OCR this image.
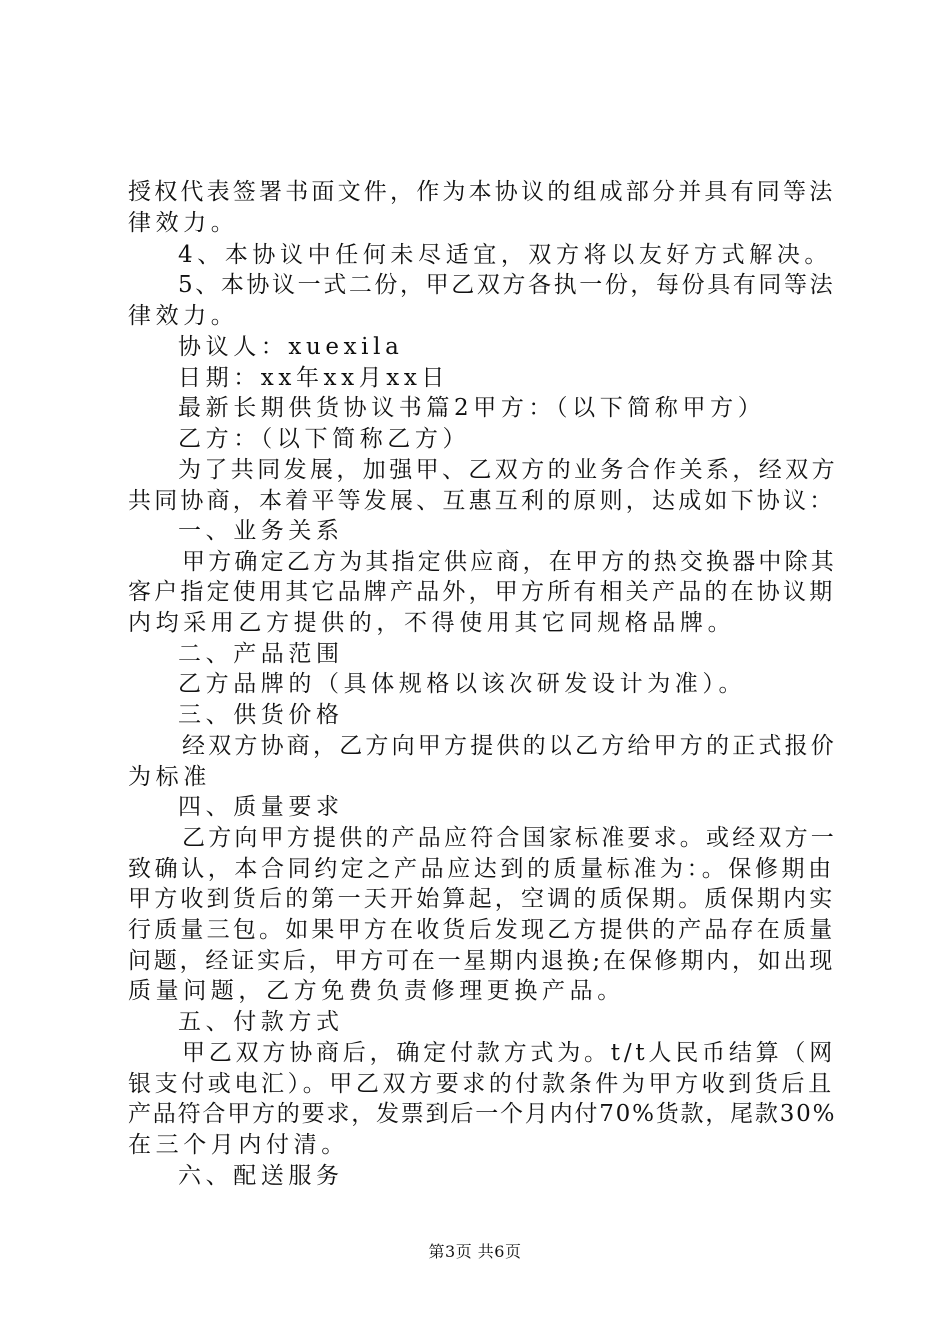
授权代表签署书面文件，作为本协议的组成部分并具有同等法
律效力。
4、本协议中任何未尽适宜，双方将以友好方式解决。
5、本协议一式二份，甲乙双方各执一份，每份具有同等法
律效力。
协议人：xuexila
日期：xx年xx月xx日
最新长期供货协议书篇2甲方：（以下简称甲方）
乙方：（以下简称乙方）
为了共同发展，加强甲、乙双方的业务合作关系，经双方
共同协商，本着平等发展、互惠互利的原则，达成如下协议：
一、业务关系
甲方确定乙方为其指定供应商，在甲方的热交换器中除其
客户指定使用其它品牌产品外，甲方所有相关产品的在协议期
内均采用乙方提供的，不得使用其它同规格品牌。
二、产品范围
乙方品牌的（具体规格以该次研发设计为准）。
三、供货价格
经双方协商，乙方向甲方提供的以乙方给甲方的正式报价
为标准
四、质量要求
乙方向甲方提供的产品应符合国家标准要求。或经双方一
致确认，本合同约定之产品应达到的质量标准为：。保修期由
甲方收到货后的第一天开始算起，空调的质保期。质保期内实
行质量三包。如果甲方在收货后发现乙方提供的产品存在质量
问题，经证实后，甲方可在一星期内退换;在保修期内，如出现
质量问题，乙方免费负责修理更换产品。
五、付款方式
甲乙双方协商后，确定付款方式为。t/t人民币结算（网
银支付或电汇）。甲乙双方要求的付款条件为甲方收到货后且
产品符合甲方的要求，发票到后一个月内付70%货款，尾款30%
在三个月内付清。
六、配送服务
第3页 共6页
